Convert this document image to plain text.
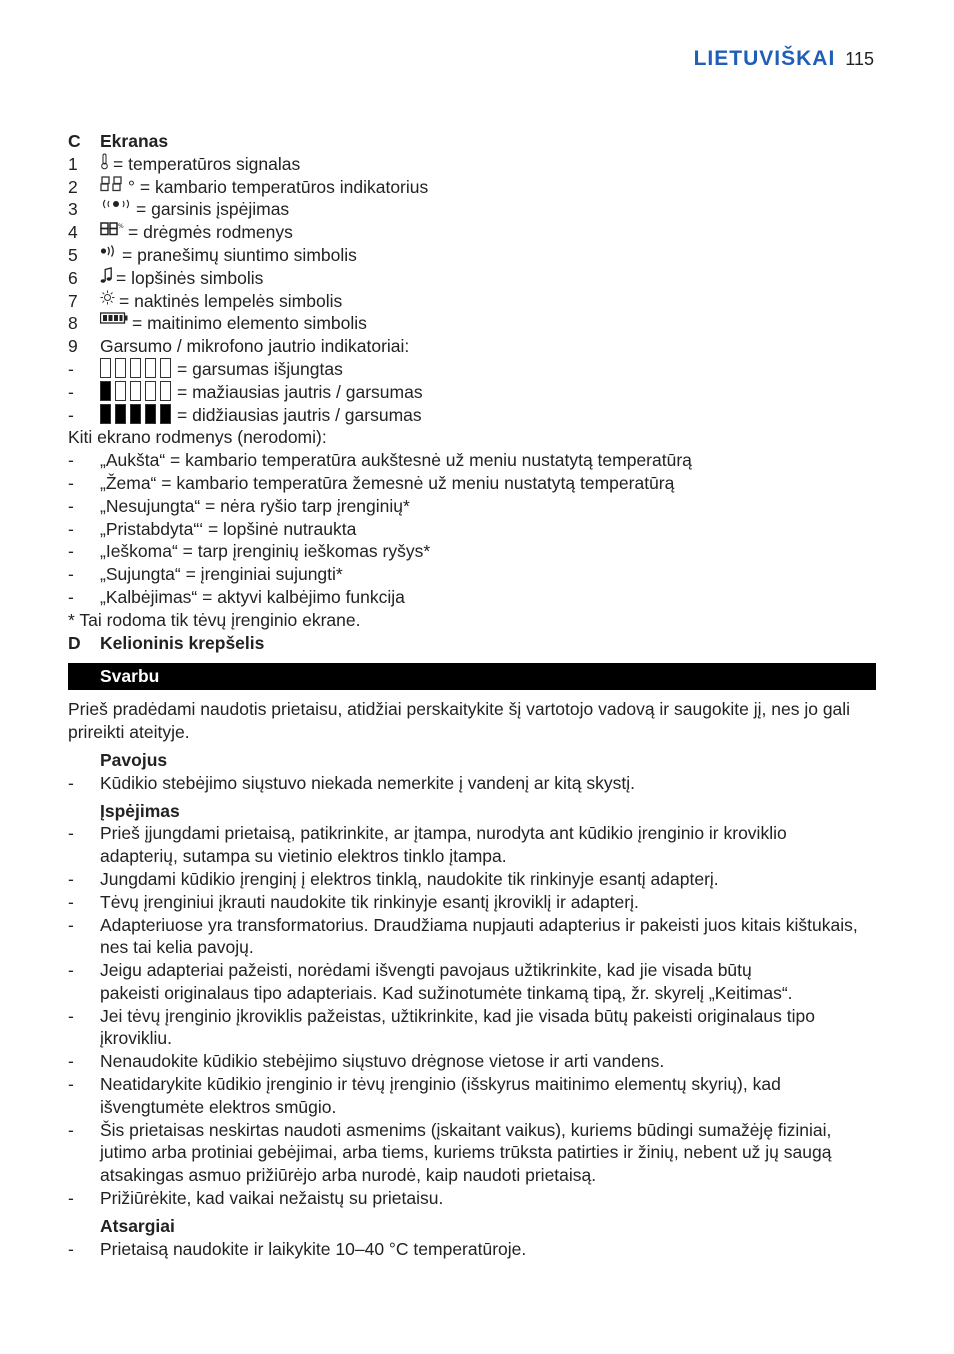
LIETUVIŠKAI 115
C	Ekranas
1	= temperatūros signalas
2	° = kambario temperatūros indikatorius
3	= garsinis įspėjimas
4	% = drėgmės rodmenys
5	= pranešimų siuntimo simbolis
6	= lopšinės simbolis
7	= naktinės lempelės simbolis
8	= maitinimo elemento simbolis
9	Garsumo / mikrofono jautrio indikatoriai:
-	= garsumas išjungtas
-	= mažiausias jautris / garsumas
-	= didžiausias jautris / garsumas
Kiti ekrano rodmenys (nerodomi):
-	„Aukšta“ = kambario temperatūra aukštesnė už meniu nustatytą temperatūrą
-	„Žema“ = kambario temperatūra žemesnė už meniu nustatytą temperatūrą
-	„Nesujungta“ = nėra ryšio tarp įrenginių*
-	„Pristabdyta“‘ = lopšinė nutraukta
-	„Ieškoma“ = tarp įrenginių ieškomas ryšys*
-	„Sujungta“ = įrenginiai sujungti*
-	„Kalbėjimas“ = aktyvi kalbėjimo funkcija
* Tai rodoma tik tėvų įrenginio ekrane.
D	Kelioninis krepšelis
Svarbu

Prieš pradėdami naudotis prietaisu, atidžiai perskaitykite šį vartotojo vadovą ir saugokite jį, nes jo gali prireikti ateityje.

Pavojus
-	Kūdikio stebėjimo siųstuvo niekada nemerkite į vandenį ar kitą skystį.
Įspėjimas
-	Prieš įjungdami prietaisą, patikrinkite, ar įtampa, nurodyta ant kūdikio įrenginio ir kroviklio
adapterių, sutampa su vietinio elektros tinklo įtampa.
-	Jungdami kūdikio įrenginį į elektros tinklą, naudokite tik rinkinyje esantį adapterį.
-	Tėvų įrenginiui įkrauti naudokite tik rinkinyje esantį įkroviklį ir adapterį.
-	Adapteriuose yra transformatorius. Draudžiama nupjauti adapterius ir pakeisti juos kitais kištukais,
nes tai kelia pavojų.
-	Jeigu adapteriai pažeisti, norėdami išvengti pavojaus užtikrinkite, kad jie visada būtų
pakeisti originalaus tipo adapteriais. Kad sužinotumėte tinkamą tipą, žr. skyrelį „Keitimas“.
-	Jei tėvų įrenginio įkroviklis pažeistas, užtikrinkite, kad jie visada būtų pakeisti originalaus tipo
įkrovikliu.
-	Nenaudokite kūdikio stebėjimo siųstuvo drėgnose vietose ir arti vandens.
-	Neatidarykite kūdikio įrenginio ir tėvų įrenginio (išskyrus maitinimo elementų skyrių), kad
išvengtumėte elektros smūgio.
-	Šis prietaisas neskirtas naudoti asmenims (įskaitant vaikus), kuriems būdingi sumažėję fiziniai,
jutimo arba protiniai gebėjimai, arba tiems, kuriems trūksta patirties ir žinių, nebent už jų saugą
atsakingas asmuo prižiūrėjo arba nurodė, kaip naudoti prietaisą.
-	Prižiūrėkite, kad vaikai nežaistų su prietaisu.
Atsargiai
-	Prietaisą naudokite ir laikykite 10–40 °C temperatūroje.
